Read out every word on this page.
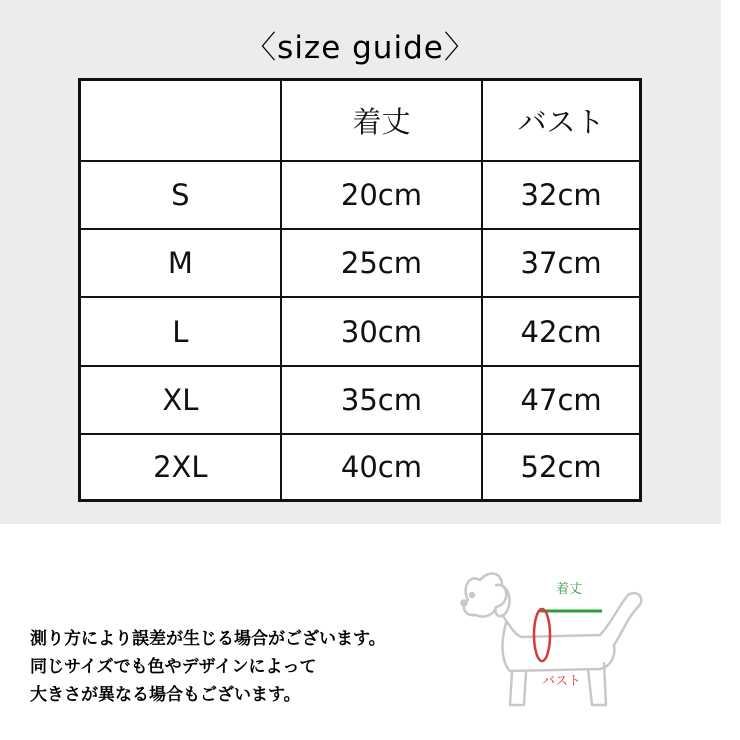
〈size guide〉
	着丈	バスト
S	20cm	32cm
M	25cm	37cm
L	30cm	42cm
XL	35cm	47cm
2XL	40cm	52cm
測り方により誤差が生じる場合がございます。
同じサイズでも色やデザインによって
大きさが異なる場合もございます。
着丈
バスト
